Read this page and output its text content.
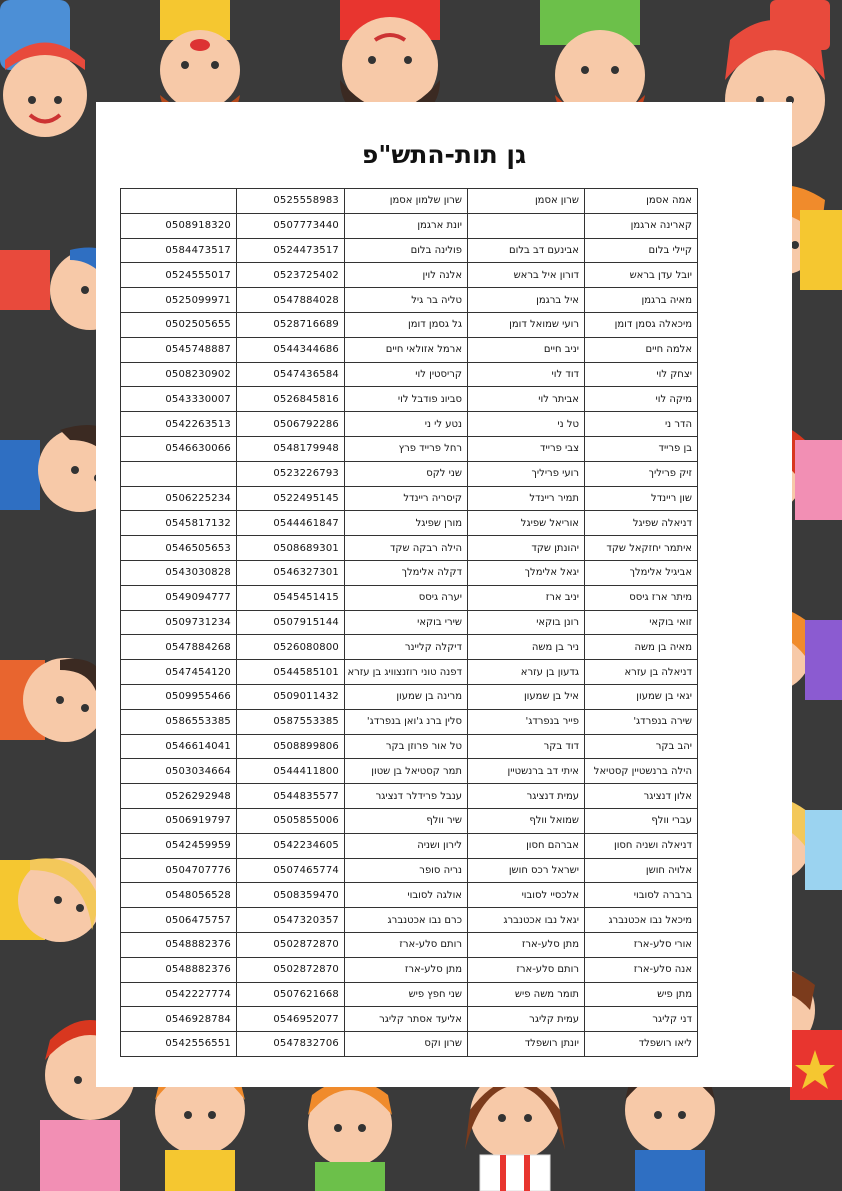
גן תות-התש"פ
	0525558983	שרון שלמון אסמן	שרון אסמן	אמה אסמן
0508918320	0507773440	יונת ארגמן		קארינה ארגמן
0584473517	0524473517	פולינה בלום	אבינעם דב בלום	קיילי בלום
0524555017	0523725402	אלנה לוין	דורון איל בראש	יובל עדן בראש
0525099971	0547884028	טליה בר גיל	איל ברגמן	מאיה ברגמן
0502505655	0528716689	גל גסמן דומן	רועי שמואל דומן	מיכאלה גסמן דומן
0545748887	0544344686	ארמל אזולאי חיים	יניב חיים	אלמה חיים
0508230902	0547436584	קריסטין לוי	דוד לוי	יצחק לוי
0543330007	0526845816	סביונ פודבל לוי	אביתר לוי	מיקה לוי
0542263513	0506792286	נטע לי ני	טל ני	הדר ני
0546630066	0548179948	רחל פרייד פרץ	צבי פרייד	בן פרייד
	0523226793	שני לקס	רועי פריליך	זיק פריליך
0506225234	0522495145	קיסריה ריינדל	תמיר ריינדל	שון ריינדל
0545817132	0544461847	מורן שפיגל	אוריאל שפיגל	דניאלה שפיגל
0546505653	0508689301	הילה רבקה שקד	יהונתן שקד	איתמר יחזקאל שקד
0543030828	0546327301	דקלה אלימלך	יגאל אלימלך	אביגיל אלימלך
0549094777	0545451415	יערה גיסס	יניב ארז	מיתר ארז גיסס
0509731234	0507915144	שירי בוקאי	רונן בוקאי	זואי בוקאי
0547884268	0526080800	דיקלה קליינר	ניר בן משה	מאיה בן משה
0547454120	0544585101	דפנה טוני רוזנצוויג בן עזרא	גדעון בן עזרא	דניאלה בן עזרא
0509955466	0509011432	מרינה בן שמעון	איל בן שמעון	יגאי בן שמעון
0586553385	0587553385	סלין ברנ ג'ואן בנפרדג'	פייר בנפרדג'	שירה בנפרדג'
0546614041	0508899806	טל אור פרוזן בקר	דוד בקר	יהב בקר
0503034664	0544411800	תמר קסטיאל בן שטון	איתי דב ברנשטיין	הילה ברנשטיין קסטיאל
0526292948	0544835577	ענבל פרידלר דנציגר	עמית דנציגר	אלון דנציגר
0506919797	0505855006	שיר וולף	שמואל וולף	עברי וולף
0542459959	0542234605	לירון ושניה	אברהם חסון	דניאלה ושניה חסון
0504707776	0507465774	נריה סופר	ישראל רכס חושן	אלויה חושן
0548056528	0508359470	אולגה לסובוי	אלכסיי לסובוי	ברברה לסובוי
0506475757	0547320357	כרם נבו אכטנברג	יגאל נבו אכטנברג	מיכאל נבו אכטנברג
0548882376	0502872870	רותם סלע-ארז	מתן סלע-ארז	אורי סלע-ארז
0548882376	0502872870	מתן סלע-ארז	רותם סלע-ארז	אנה סלע-ארז
0542227774	0507621668	שני חפץ פיש	תומר משה פיש	מתן פיש
0546928784	0546952077	אליעד אסתר קליגר	עמית קליגר	דני קליגר
0542556551	0547832706	שרון וקס	יונתן רושפלד	ליאו רושפלד
